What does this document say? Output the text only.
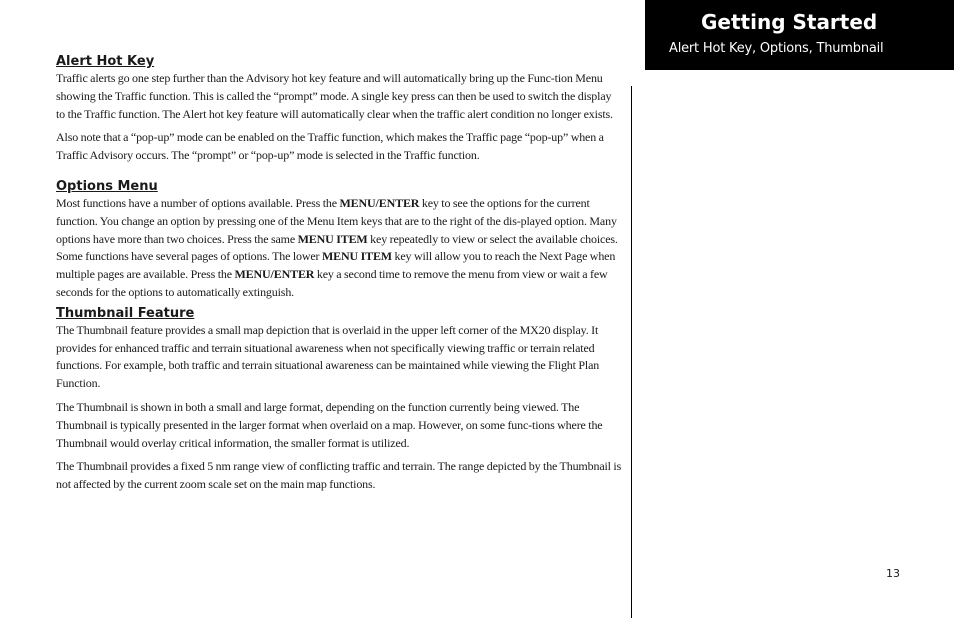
Getting Started
Alert Hot Key, Options, Thumbnail
Alert Hot Key

Traffic alerts go one step further than the Advisory hot key feature and will automatically bring up the Func-tion Menu showing the Traffic function. This is called the “prompt” mode. A single key press can then be used to switch the display to the Traffic function. The Alert hot key feature will automatically clear when the traffic alert condition no longer exists.

Also note that a “pop-up” mode can be enabled on the Traffic function, which makes the Traffic page “pop-up” when a Traffic Advisory occurs. The “prompt” or “pop-up” mode is selected in the Traffic function.

Options Menu

Most functions have a number of options available. Press the MENU/ENTER key to see the options for the current function. You change an option by pressing one of the Menu Item keys that are to the right of the dis-played option. Many options have more than two choices. Press the same MENU ITEM key repeatedly to view or select the available choices. Some functions have several pages of options. The lower MENU ITEM key will allow you to reach the Next Page when multiple pages are available. Press the MENU/ENTER key a second time to remove the menu from view or wait a few seconds for the options to automatically extinguish.

Thumbnail Feature

The Thumbnail feature provides a small map depiction that is overlaid in the upper left corner of the MX20 display. It provides for enhanced traffic and terrain situational awareness when not specifically viewing traffic or terrain related functions. For example, both traffic and terrain situational awareness can be maintained while viewing the Flight Plan Function.

The Thumbnail is shown in both a small and large format, depending on the function currently being viewed. The Thumbnail is typically presented in the larger format when overlaid on a map. However, on some func-tions where the Thumbnail would overlay critical information, the smaller format is utilized.

The Thumbnail provides a fixed 5 nm range view of conflicting traffic and terrain. The range depicted by the Thumbnail is not affected by the current zoom scale set on the main map functions.

13
